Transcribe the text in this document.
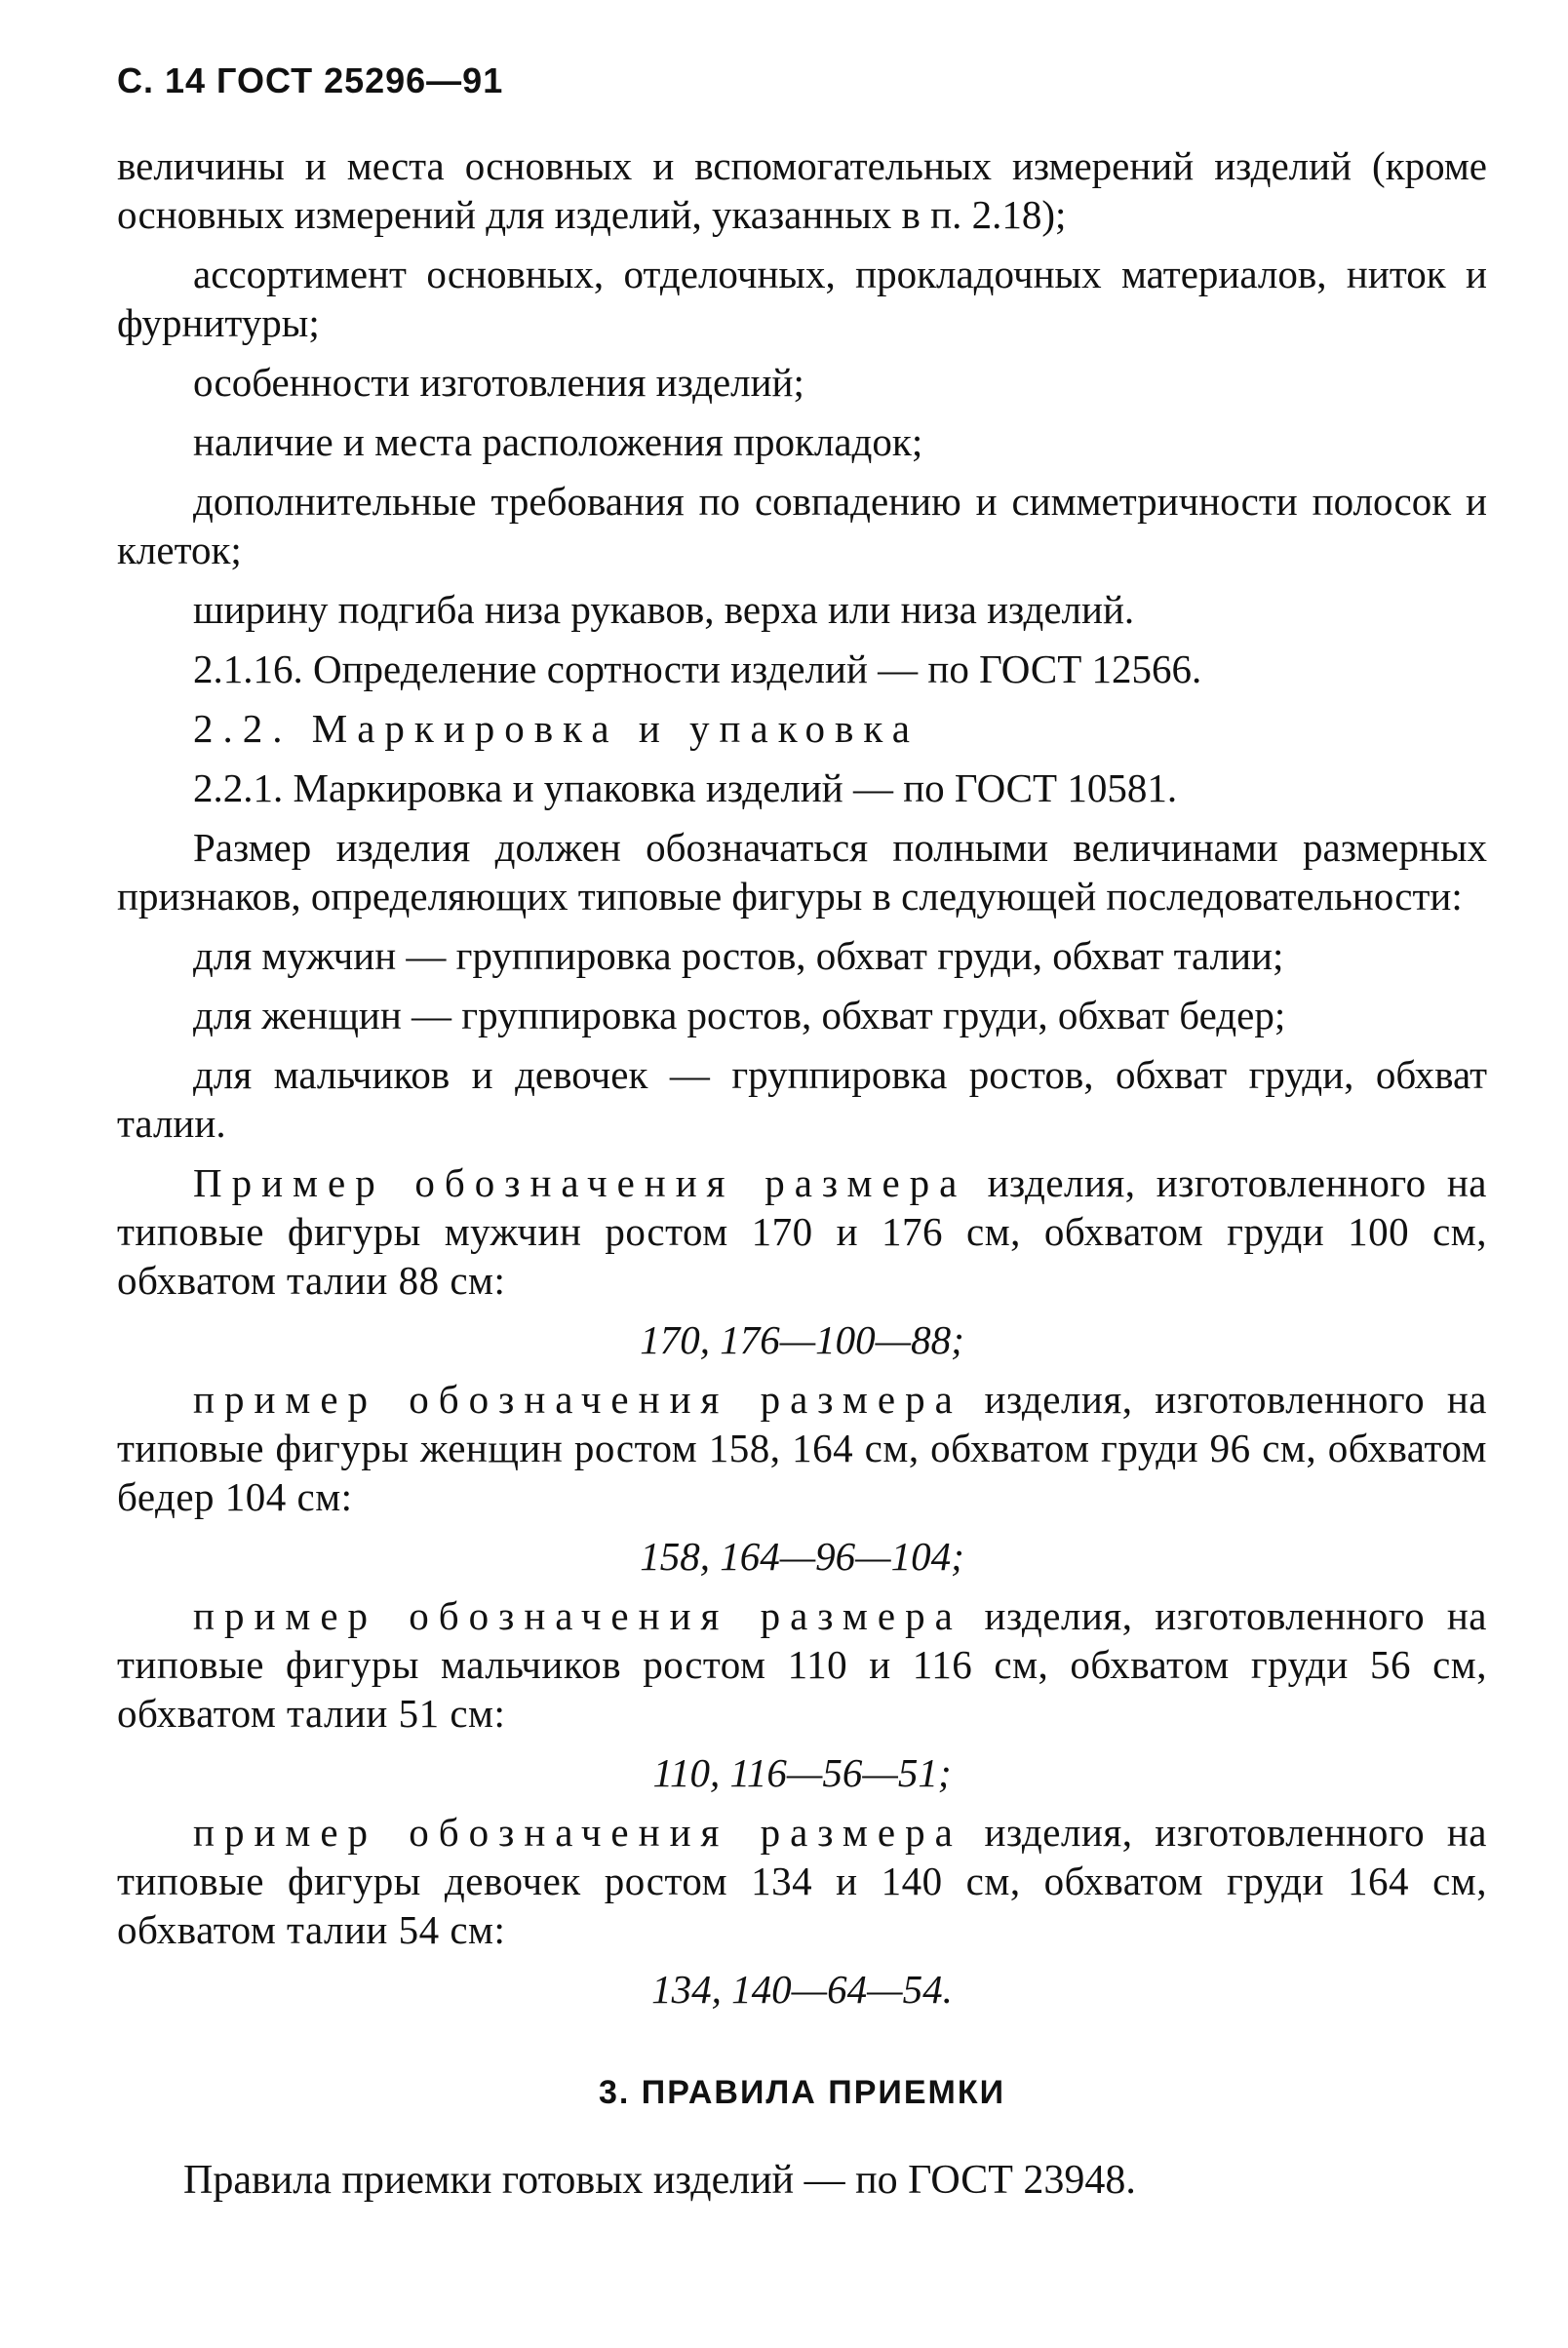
С. 14 ГОСТ 25296—91

величины и места основных и вспомогательных измерений изделий (кроме основных измерений для изделий, указанных в п. 2.18);

ассортимент основных, отделочных, прокладочных материалов, ниток и фурнитуры;

особенности изготовления изделий;

наличие и места расположения прокладок;

дополнительные требования по совпадению и симметричности полосок и клеток;

ширину подгиба низа рукавов, верха или низа изделий.

2.1.16. Определение сортности изделий — по ГОСТ 12566.

2.2. Маркировка и упаковка

2.2.1. Маркировка и упаковка изделий — по ГОСТ 10581.

Размер изделия должен обозначаться полными величинами размерных признаков, определяющих типовые фигуры в следующей последовательности:

для мужчин — группировка ростов, обхват груди, обхват талии;

для женщин — группировка ростов, обхват груди, обхват бедер;

для мальчиков и девочек — группировка ростов, обхват груди, обхват талии.

Пример обозначения размера изделия, изготовленного на типовые фигуры мужчин ростом 170 и 176 см, обхватом груди 100 см, обхватом талии 88 см:

170, 176—100—88;

пример обозначения размера изделия, изготовленного на типовые фигуры женщин ростом 158, 164 см, обхватом груди 96 см, обхватом бедер 104 см:

158, 164—96—104;

пример обозначения размера изделия, изготовленного на типовые фигуры мальчиков ростом 110 и 116 см, обхватом груди 56 см, обхватом талии 51 см:

110, 116—56—51;

пример обозначения размера изделия, изготовленного на типовые фигуры девочек ростом 134 и 140 см, обхватом груди 164 см, обхватом талии 54 см:

134, 140—64—54.

3. ПРАВИЛА ПРИЕМКИ

Правила приемки готовых изделий — по ГОСТ 23948.
